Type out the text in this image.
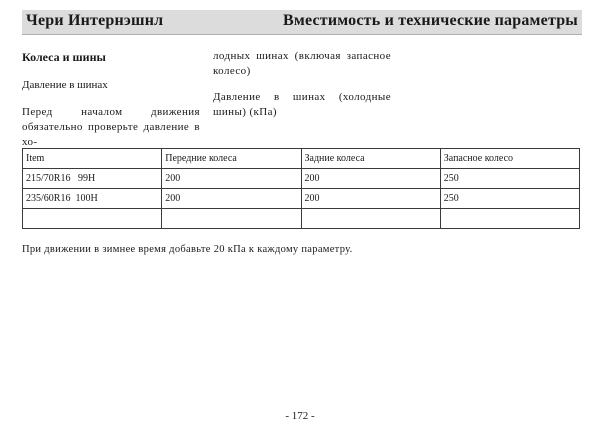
Чери Интернэшнл	Вместимость и технические параметры

Колеса и шины

Давление в шинах

Перед началом движения обязательно проверьте давление в хо-

лодных шинах (включая запасное колесо)

Давление в шинах (холодные шины) (кПа)

Item	Передние колеса	Задние колеса	Запасное колесо
215/70R16   99H	200	200	250
235/60R16  100H	200	200	250

При движении в зимнее время добавьте 20 кПа к каждому параметру.
- 172 -
